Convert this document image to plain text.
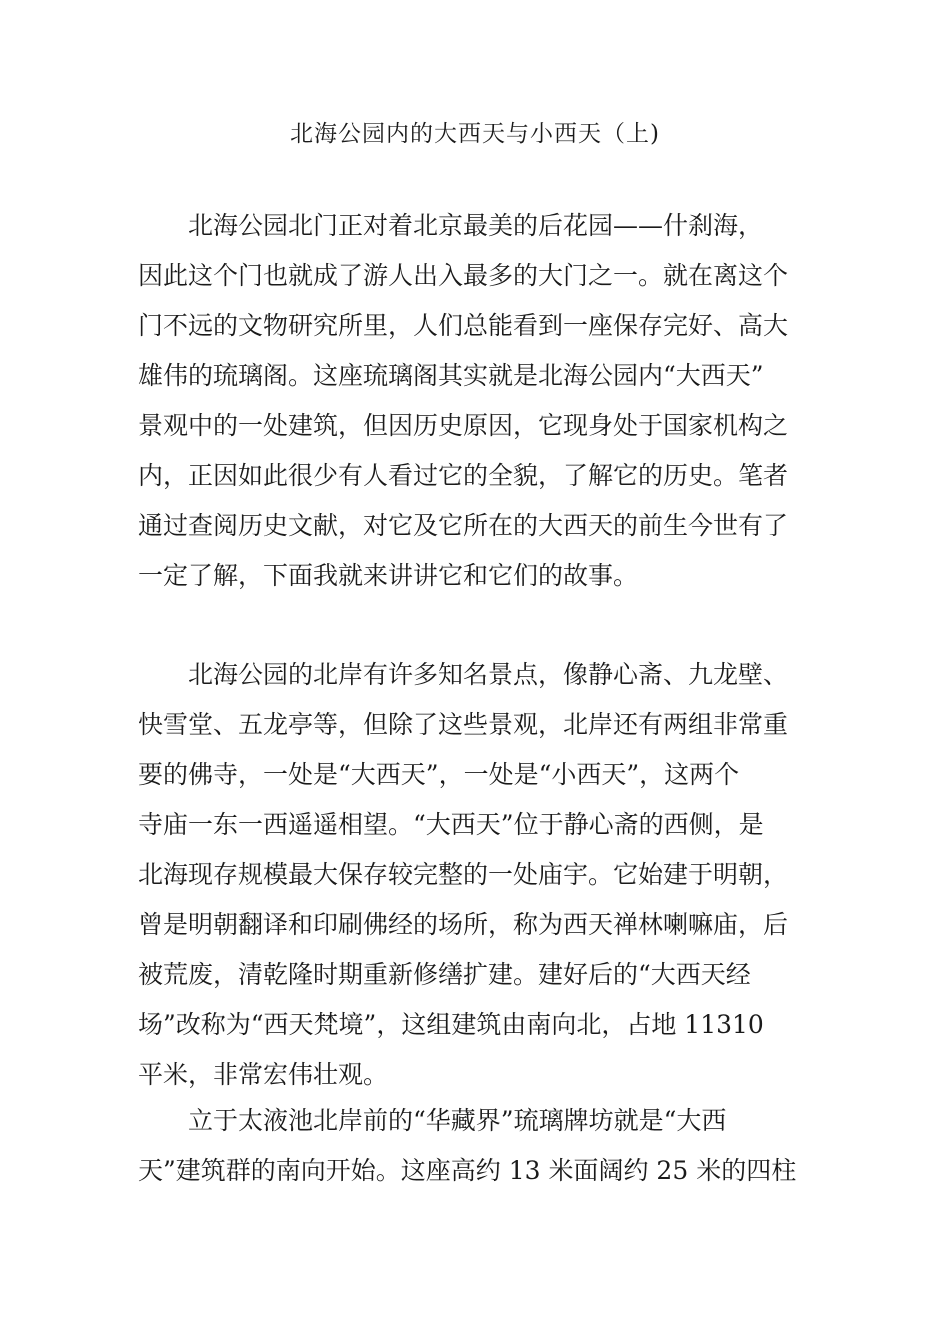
北海公园内的大西天与小西天（上)

　　北海公园北门正对着北京最美的后花园——什刹海，
因此这个门也就成了游人出入最多的大门之一。就在离这个
门不远的文物研究所里，人们总能看到一座保存完好、高大
雄伟的琉璃阁。这座琉璃阁其实就是北海公园内“大西天”
景观中的一处建筑，但因历史原因，它现身处于国家机构之
内，正因如此很少有人看过它的全貌，了解它的历史。笔者
通过查阅历史文献，对它及它所在的大西天的前生今世有了
一定了解，下面我就来讲讲它和它们的故事。

　　北海公园的北岸有许多知名景点，像静心斋、九龙壁、
快雪堂、五龙亭等，但除了这些景观，北岸还有两组非常重
要的佛寺，一处是“大西天”，一处是“小西天”，这两个
寺庙一东一西遥遥相望。“大西天”位于静心斋的西侧，是
北海现存规模最大保存较完整的一处庙宇。它始建于明朝，
曾是明朝翻译和印刷佛经的场所，称为西天禅林喇嘛庙，后
被荒废，清乾隆时期重新修缮扩建。建好后的“大西天经
场”改称为“西天梵境”，这组建筑由南向北，占地 11310
平米，非常宏伟壮观。

　　立于太液池北岸前的“华藏界”琉璃牌坊就是“大西
天”建筑群的南向开始。这座高约 13 米面阔约 25 米的四柱
